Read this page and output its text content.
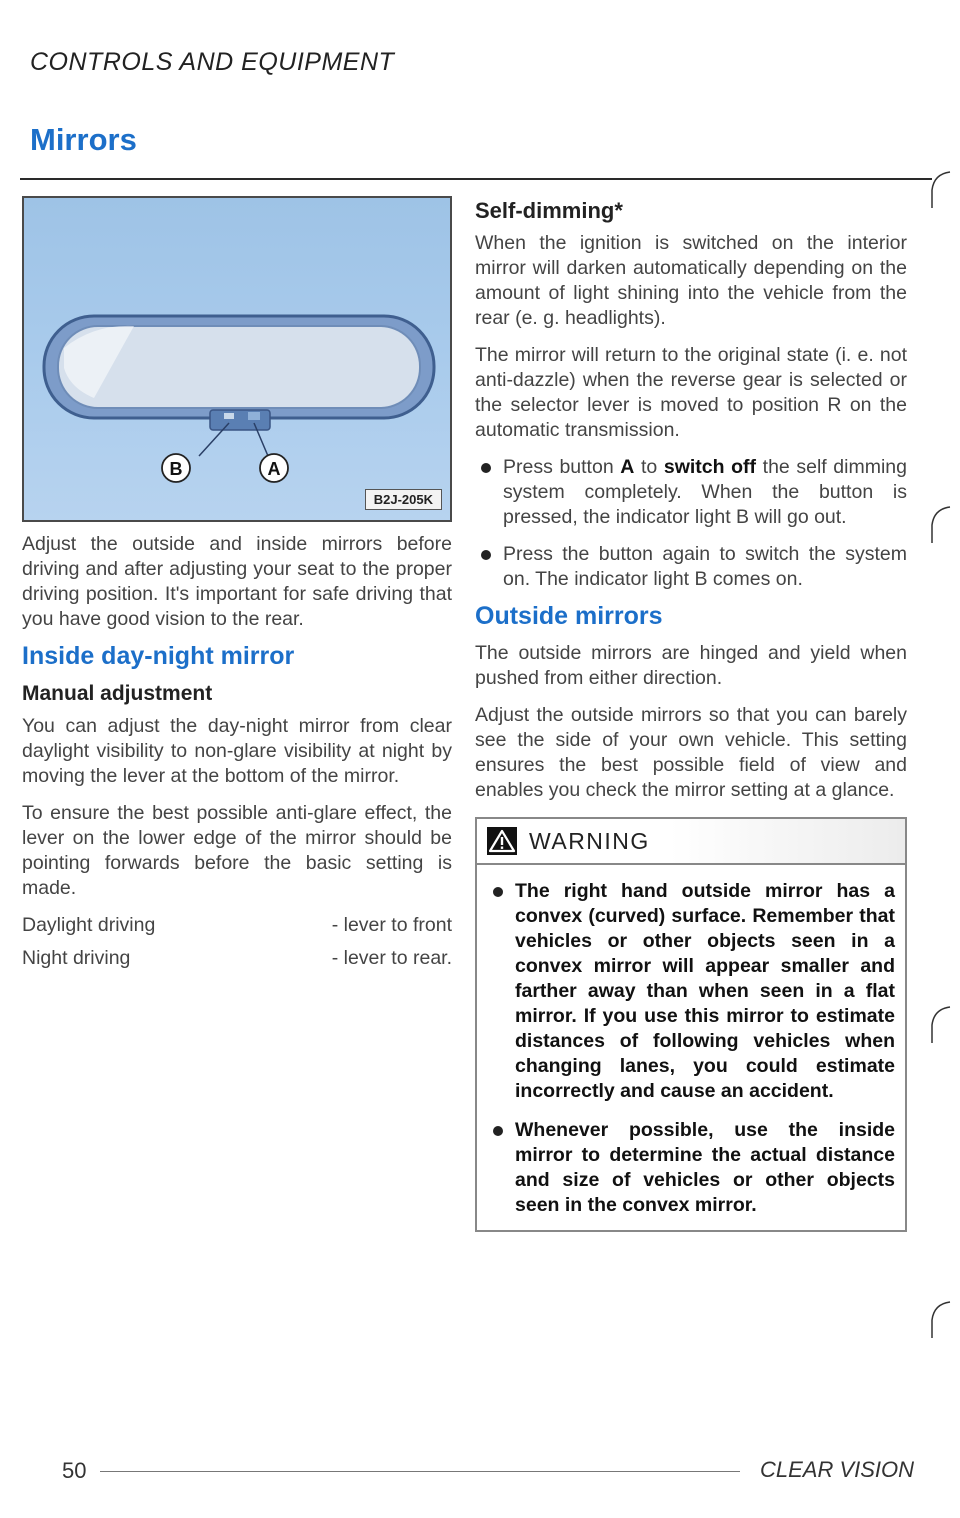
CONTROLS AND EQUIPMENT
Mirrors
B	A
B2J-205K

Adjust the outside and inside mirrors before driving and after adjusting your seat to the proper driving position. It's important for safe driving that you have good vision to the rear.

Inside day-night mirror
Manual adjustment

You can adjust the day-night mirror from clear daylight visibility to non-glare visibility at night by moving the lever at the bottom of the mirror.

To ensure the best possible anti-glare effect, the lever on the lower edge of the mirror should be pointing forwards before the basic setting is made.

Daylight driving	- lever to front
Night driving	- lever to rear.
Self-dimming*

When the ignition is switched on the interior mirror will darken automatically depending on the amount of light shining into the vehicle from the rear (e. g. headlights).

The mirror will return to the original state (i. e. not anti-dazzle) when the reverse gear is selected or the selector lever is moved to position R on the automatic transmission.

Press button A to switch off the self dimming system completely. When the button is pressed, the indicator light B will go out.

Press the button again to switch the system on. The indicator light B comes on.

Outside mirrors

The outside mirrors are hinged and yield when pushed from either direction.

Adjust the outside mirrors so that you can barely see the side of your own vehicle. This setting ensures the best possible field of view and enables you check the mirror setting at a glance.

WARNING

The right hand outside mirror has a convex (curved) surface. Remember that vehicles or other objects seen in a convex mirror will appear smaller and farther away than when seen in a flat mirror. If you use this mirror to estimate distances of following vehicles when changing lanes, you could estimate incorrectly and cause an accident.

Whenever possible, use the inside mirror to determine the actual distance and size of vehicles or other objects seen in the convex mirror.

50	CLEAR VISION
